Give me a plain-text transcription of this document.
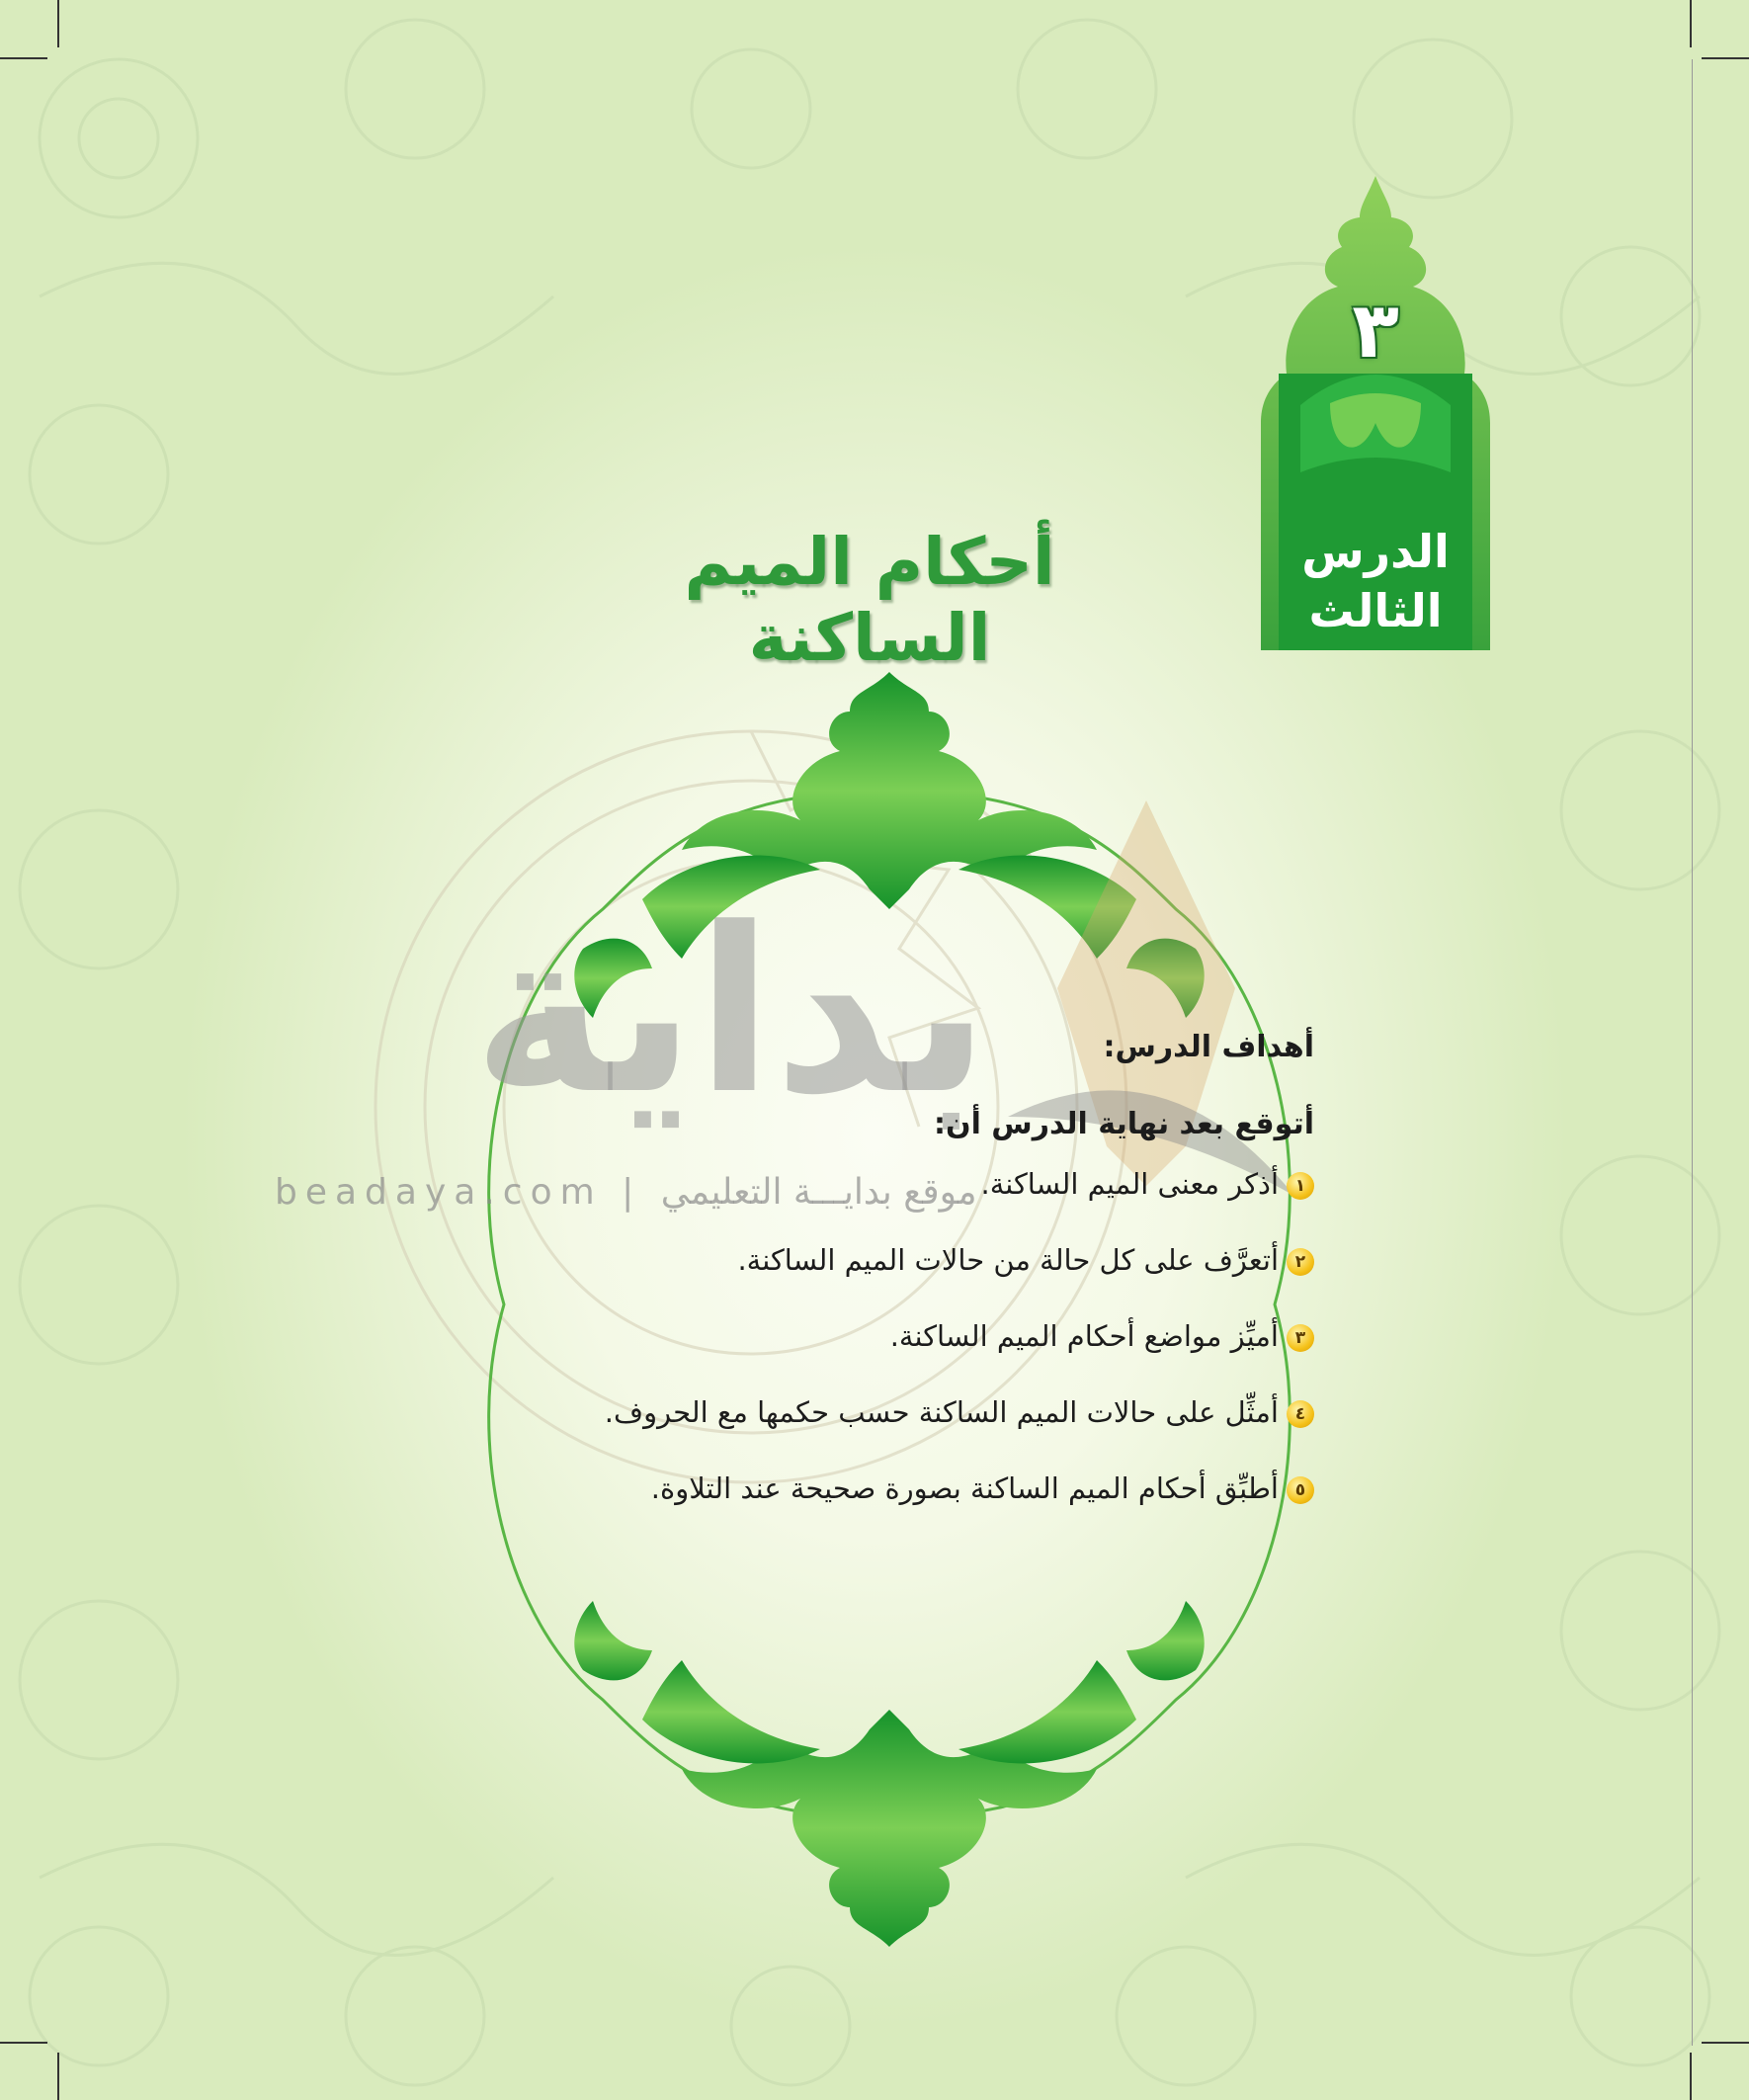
٣
الدرس
الثالث
أحكام الميم الساكنة
بداية
beadaya.com | موقع بدايـــة التعليمي
أهداف الدرس:
أتوقع بعد نهاية الدرس أن:
١أذكر معنى الميم الساكنة.
٢أتعرَّف على كل حالة من حالات الميم الساكنة.
٣أميِّز مواضع أحكام الميم الساكنة.
٤أمثِّل على حالات الميم الساكنة حسب حكمها مع الحروف.
٥أطبِّق أحكام الميم الساكنة بصورة صحيحة عند التلاوة.
